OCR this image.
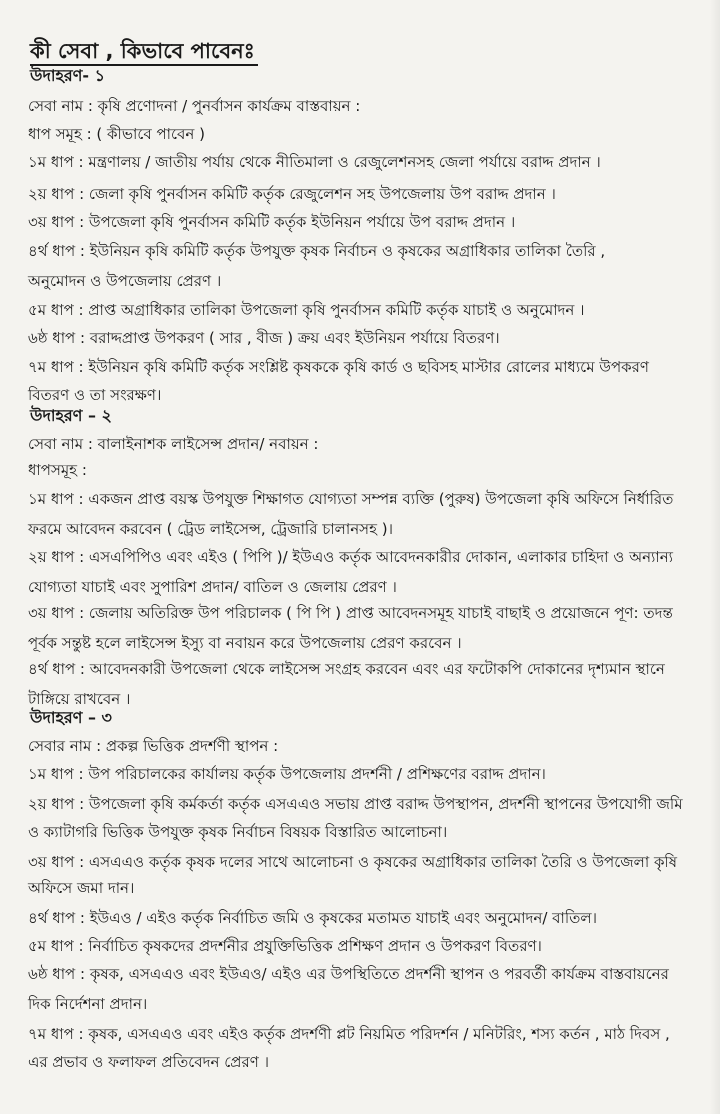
কী সেবা , কিভাবে পাবেনঃ
উদাহরণ- ১
সেবা নাম : কৃষি প্রণোদনা / পুনর্বাসন কার্যক্রম বাস্তবায়ন :
ধাপ সমূহ : ( কীভাবে পাবেন )
১ম ধাপ : মন্ত্রণালয় / জাতীয় পর্যায় থেকে নীতিমালা ও রেজুলেশনসহ জেলা পর্যায়ে বরাদ্দ প্রদান ।
২য় ধাপ : জেলা কৃষি পুনর্বাসন কমিটি কর্তৃক রেজুলেশন সহ উপজেলায় উপ বরাদ্দ প্রদান ।
৩য় ধাপ : উপজেলা কৃষি পুনর্বাসন কমিটি কর্তৃক ইউনিয়ন পর্যায়ে উপ বরাদ্দ প্রদান ।
৪র্থ ধাপ : ইউনিয়ন কৃষি কমিটি কর্তৃক উপযুক্ত কৃষক নির্বাচন ও কৃষকের অগ্রাধিকার তালিকা তৈরি ,
অনুমোদন ও উপজেলায় প্রেরণ ।
৫ম ধাপ : প্রাপ্ত অগ্রাধিকার তালিকা উপজেলা কৃষি পুনর্বাসন কমিটি কর্তৃক যাচাই ও অনুমোদন ।
৬ষ্ঠ ধাপ : বরাদ্দপ্রাপ্ত উপকরণ ( সার , বীজ ) ক্রয় এবং ইউনিয়ন পর্যায়ে বিতরণ।
৭ম ধাপ : ইউনিয়ন কৃষি কমিটি কর্তৃক সংশ্লিষ্ট কৃষককে কৃষি কার্ড ও ছবিসহ মাস্টার রোলের মাধ্যমে উপকরণ
বিতরণ ও তা সংরক্ষণ।
উদাহরণ – ২
সেবা নাম : বালাইনাশক লাইসেন্স প্রদান/ নবায়ন :
ধাপসমূহ :
১ম ধাপ : একজন প্রাপ্ত বয়স্ক উপযুক্ত শিক্ষাগত যোগ্যতা সম্পন্ন ব্যক্তি (পুরুষ) উপজেলা কৃষি অফিসে নির্ধারিত
ফরমে আবেদন করবেন ( ট্রেড লাইসেন্স, ট্রেজারি চালানসহ )।
২য় ধাপ : এসএপিপিও এবং এইও ( পিপি )/ ইউএও কর্তৃক আবেদনকারীর দোকান, এলাকার চাহিদা ও অন্যান্য
যোগ্যতা যাচাই এবং সুপারিশ প্রদান/ বাতিল ও জেলায় প্রেরণ ।
৩য় ধাপ : জেলায় অতিরিক্ত উপ পরিচালক ( পি পি ) প্রাপ্ত আবেদনসমূহ যাচাই বাছাই ও প্রয়োজনে পূণ: তদন্ত
পূর্বক সন্তুষ্ট হলে লাইসেন্স ইস্যু বা নবায়ন করে উপজেলায় প্রেরণ করবেন ।
৪র্থ ধাপ : আবেদনকারী উপজেলা থেকে লাইসেন্স সংগ্রহ করবেন এবং এর ফটোকপি দোকানের দৃশ্যমান স্থানে
টাঙ্গিয়ে রাখবেন ।
উদাহরণ – ৩
সেবার নাম : প্রকল্প ভিত্তিক প্রদর্শণী স্থাপন :
১ম ধাপ : উপ পরিচালকের কার্যালয় কর্তৃক উপজেলায় প্রদর্শনী / প্রশিক্ষণের বরাদ্দ প্রদান।
২য় ধাপ : উপজেলা কৃষি কর্মকর্তা কর্তৃক এসএএও সভায় প্রাপ্ত বরাদ্দ উপস্থাপন, প্রদর্শনী স্থাপনের উপযোগী জমি
ও ক্যাটাগরি ভিত্তিক উপযুক্ত কৃষক নির্বাচন বিষয়ক বিস্তারিত আলোচনা।
৩য় ধাপ : এসএএও কর্তৃক কৃষক দলের সাথে আলোচনা ও কৃষকের অগ্রাধিকার তালিকা তৈরি ও উপজেলা কৃষি
অফিসে জমা দান।
৪র্থ ধাপ : ইউএও / এইও কর্তৃক নির্বাচিত জমি ও কৃষকের মতামত যাচাই এবং অনুমোদন/ বাতিল।
৫ম ধাপ : নির্বাচিত কৃষকদের প্রদর্শনীর প্রযুক্তিভিত্তিক প্রশিক্ষণ প্রদান ও উপকরণ বিতরণ।
৬ষ্ঠ ধাপ : কৃষক, এসএএও এবং ইউএও/ এইও এর উপস্থিতিতে প্রদর্শনী স্থাপন ও পরবর্তী কার্যক্রম বাস্তবায়নের
দিক নির্দেশনা প্রদান।
৭ম ধাপ : কৃষক, এসএএও এবং এইও কর্তৃক প্রদর্শণী প্লট নিয়মিত পরিদর্শন / মনিটরিং, শস্য কর্তন , মাঠ দিবস ,
এর প্রভাব ও ফলাফল প্রতিবেদন প্রেরণ ।
